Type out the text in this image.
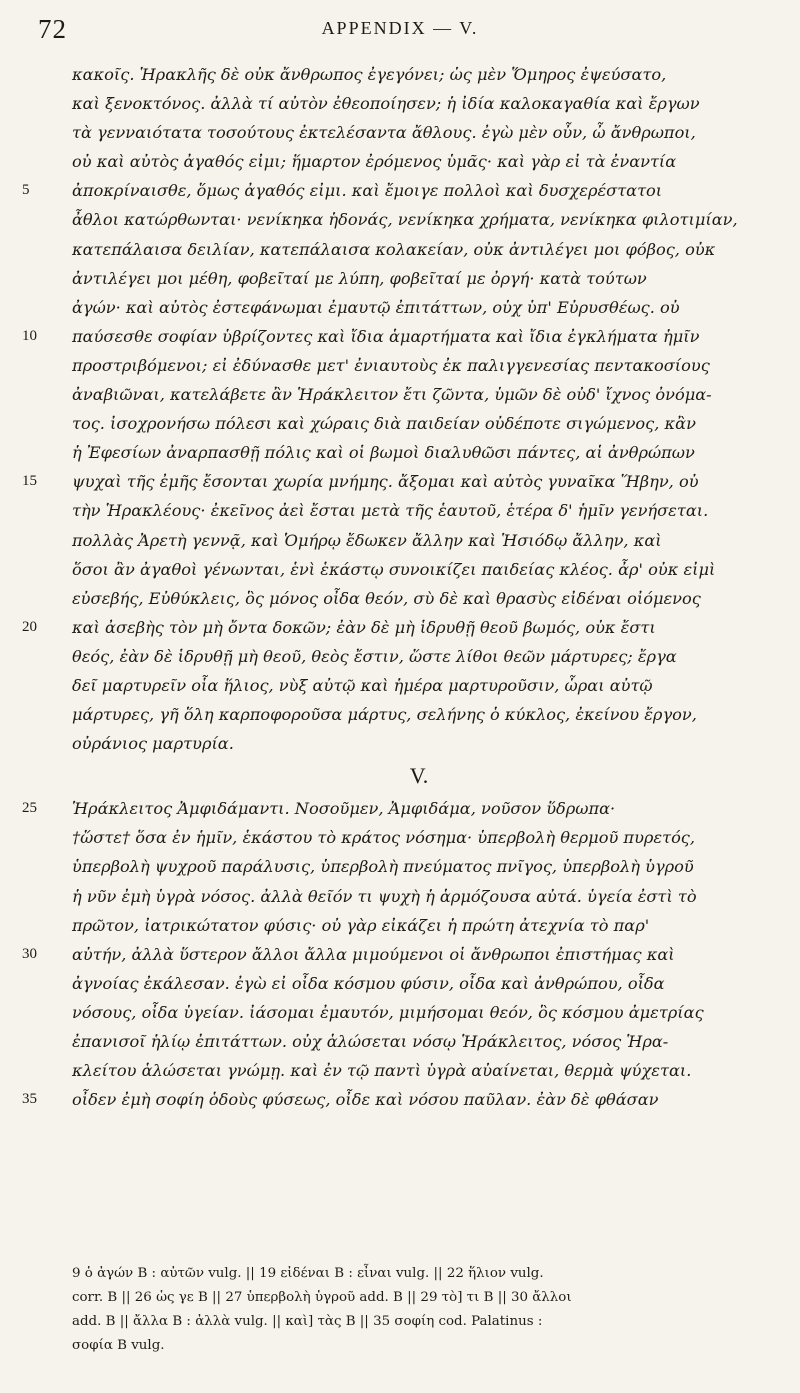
72	APPENDIX — V.
κακοῖς. Ἡρακλῆς δὲ οὐκ ἄνθρωπος ἐγεγόνει; ὡς μὲν Ὅμηρος ἐψεύσατο,
καὶ ξενοκτόνος. ἀλλὰ τί αὐτὸν ἐθεοποίησεν; ἡ ἰδία καλοκαγαθία καὶ ἔργων
τὰ γενναιότατα τοσούτους ἐκτελέσαντα ἄθλους. ἐγὼ μὲν οὖν, ὦ ἄνθρωποι,
οὐ καὶ αὐτὸς ἀγαθός εἰμι; ἥμαρτον ἐρόμενος ὑμᾶς· καὶ γὰρ εἰ τὰ ἐναντία
5	ἀποκρίναισθε, ὅμως ἀγαθός εἰμι. καὶ ἔμοιγε πολλοὶ καὶ δυσχερέστατοι
ἆθλοι κατώρθωνται· νενίκηκα ἡδονάς, νενίκηκα χρήματα, νενίκηκα φιλοτιμίαν,
κατεπάλαισα δειλίαν, κατεπάλαισα κολακείαν, οὐκ ἀντιλέγει μοι φόβος, οὐκ
ἀντιλέγει μοι μέθη, φοβεῖταί με λύπη, φοβεῖταί με ὀργή· κατὰ τούτων
ἀγών· καὶ αὐτὸς ἐστεφάνωμαι ἐμαυτῷ ἐπιτάττων, οὐχ ὑπ' Εὐρυσθέως. οὐ
10	παύσεσθε σοφίαν ὑβρίζοντες καὶ ἴδια ἁμαρτήματα καὶ ἴδια ἐγκλήματα ἡμῖν
προστριβόμενοι; εἰ ἐδύνασθε μετ' ἐνιαυτοὺς ἐκ παλιγγενεσίας πεντακοσίους
ἀναβιῶναι, κατελάβετε ἂν Ἡράκλειτον ἔτι ζῶντα, ὑμῶν δὲ οὐδ' ἴχνος ὀνόμα-
τος. ἰσοχρονήσω πόλεσι καὶ χώραις διὰ παιδείαν οὐδέποτε σιγώμενος, κἂν
ἡ Ἐφεσίων ἀναρπασθῇ πόλις καὶ οἱ βωμοὶ διαλυθῶσι πάντες, αἱ ἀνθρώπων
15	ψυχαὶ τῆς ἐμῆς ἔσονται χωρία μνήμης. ἄξομαι καὶ αὐτὸς γυναῖκα Ἥβην, οὐ
τὴν Ἡρακλέους· ἐκεῖνος ἀεὶ ἔσται μετὰ τῆς ἑαυτοῦ, ἑτέρα δ' ἡμῖν γενήσεται.
πολλὰς Ἀρετὴ γεννᾷ, καὶ Ὁμήρῳ ἔδωκεν ἄλλην καὶ Ἡσιόδῳ ἄλλην, καὶ
ὅσοι ἂν ἀγαθοὶ γένωνται, ἑνὶ ἑκάστῳ συνοικίζει παιδείας κλέος. ἆρ' οὐκ εἰμὶ
εὐσεβής, Εὐθύκλεις, ὃς μόνος οἶδα θεόν, σὺ δὲ καὶ θρασὺς εἰδέναι οἰόμενος
20	καὶ ἀσεβὴς τὸν μὴ ὄντα δοκῶν; ἐὰν δὲ μὴ ἱδρυθῇ θεοῦ βωμός, οὐκ ἔστι
θεός, ἐὰν δὲ ἱδρυθῇ μὴ θεοῦ, θεὸς ἔστιν, ὥστε λίθοι θεῶν μάρτυρες; ἔργα
δεῖ μαρτυρεῖν οἷα ἥλιος, νὺξ αὐτῷ καὶ ἡμέρα μαρτυροῦσιν, ὧραι αὐτῷ
μάρτυρες, γῆ ὅλη καρποφοροῦσα μάρτυς, σελήνης ὁ κύκλος, ἐκείνου ἔργον,
οὐράνιος μαρτυρία.
V.
25	Ἡράκλειτος Ἀμφιδάμαντι. Νοσοῦμεν, Ἀμφιδάμα, νοῦσον ὕδρωπα·
†ὥστε† ὅσα ἐν ἡμῖν, ἑκάστου τὸ κράτος νόσημα· ὑπερβολὴ θερμοῦ πυρετός,
ὑπερβολὴ ψυχροῦ παράλυσις, ὑπερβολὴ πνεύματος πνῖγος, ὑπερβολὴ ὑγροῦ
ἡ νῦν ἐμὴ ὑγρὰ νόσος. ἀλλὰ θεῖόν τι ψυχὴ ἡ ἁρμόζουσα αὐτά. ὑγεία ἐστὶ τὸ
πρῶτον, ἰατρικώτατον φύσις· οὐ γὰρ εἰκάζει ἡ πρώτη ἀτεχνία τὸ παρ'
30	αὐτήν, ἀλλὰ ὕστερον ἄλλοι ἄλλα μιμούμενοι οἱ ἄνθρωποι ἐπιστήμας καὶ
ἀγνοίας ἐκάλεσαν. ἐγὼ εἰ οἶδα κόσμου φύσιν, οἶδα καὶ ἀνθρώπου, οἶδα
νόσους, οἶδα ὑγείαν. ἰάσομαι ἐμαυτόν, μιμήσομαι θεόν, ὃς κόσμου ἀμετρίας
ἐπανισοῖ ἡλίῳ ἐπιτάττων. οὐχ ἁλώσεται νόσῳ Ἡράκλειτος, νόσος Ἡρα-
κλείτου ἁλώσεται γνώμῃ. καὶ ἐν τῷ παντὶ ὑγρὰ αὐαίνεται, θερμὰ ψύχεται.
35	οἶδεν ἐμὴ σοφίη ὁδοὺς φύσεως, οἶδε καὶ νόσου παῦλαν. ἐὰν δὲ φθάσαν
9 ὁ ἀγών B : αὐτῶν vulg. || 19 εἰδέναι B : εἶναι vulg. || 22 ἥλιον vulg.
corr. B || 26 ὡς γε B || 27 ὑπερβολὴ ὑγροῦ add. B || 29 τὸ] τι B || 30 ἄλλοι
add. B || ἄλλα B : ἀλλὰ vulg. || καὶ] τὰς B || 35 σοφίη cod. Palatinus :
σοφία B vulg.
